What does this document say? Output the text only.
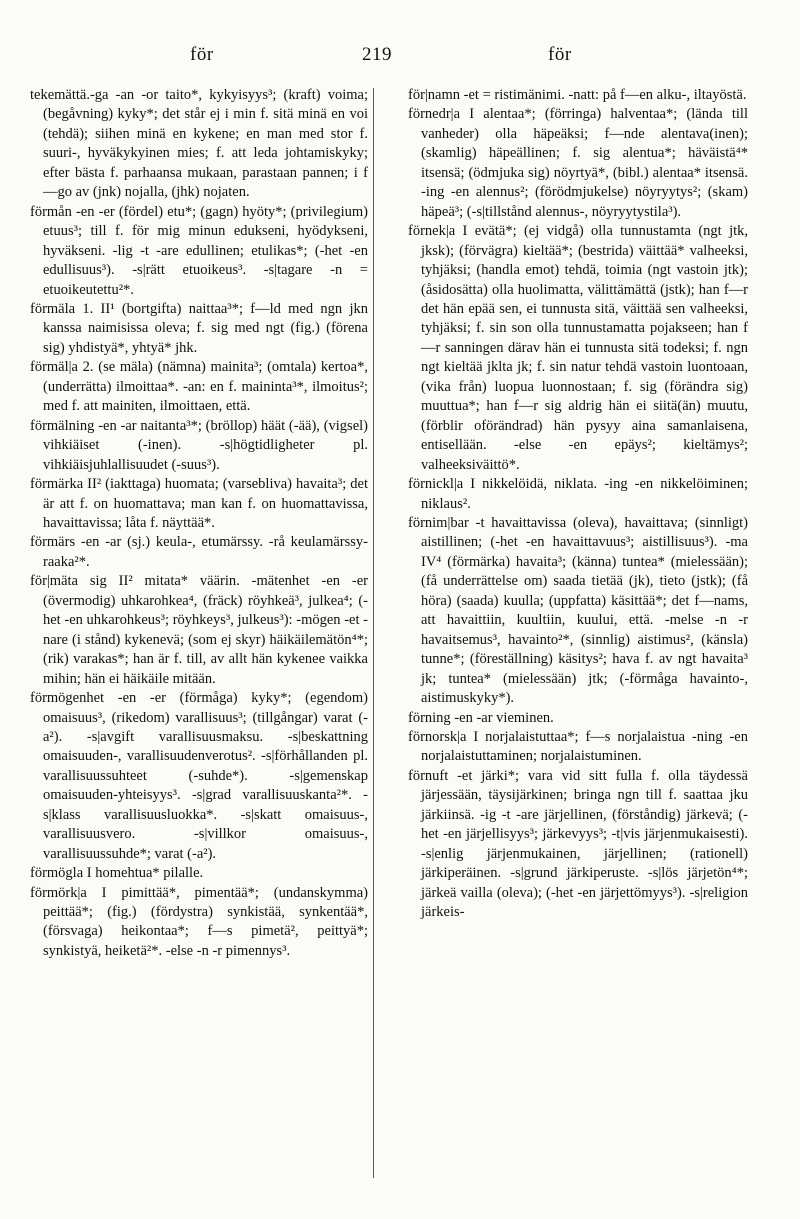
för	219	för

tekemättä.-ga -an -or taito*, kykyisyys³; (kraft) voima; (begåvning) kyky*; det står ej i min f. sitä minä en voi (tehdä); siihen minä en kykene; en man med stor f. suuri-, hyväkykyinen mies; f. att leda johtamiskyky; efter bästa f. parhaansa mukaan, parastaan pannen; i f—go av (jnk) nojalla, (jhk) nojaten.

förmån -en -er (fördel) etu*; (gagn) hyöty*; (privilegium) etuus³; till f. för mig minun edukseni, hyödykseni, hyväkseni. -lig -t -are edullinen; etulikas*; (-het -en edullisuus³). -s|rätt etuoikeus³. -s|tagare -n = etuoikeutettu²*.

förmäla 1. II¹ (bortgifta) naittaa³*; f—ld med ngn jkn kanssa naimisissa oleva; f. sig med ngt (fig.) (förena sig) yhdistyä*, yhtyä* jhk.

förmäl|a 2. (se mäla) (nämna) mainita³; (omtala) kertoa*, (underrätta) ilmoittaa*. -an: en f. maininta³*, ilmoitus²; med f. att mainiten, ilmoittaen, että.

förmälning -en -ar naitanta³*; (bröllop) häät (-ää), (vigsel) vihkiäiset (-inen). -s|högtidligheter pl. vihkiäisjuhlallisuudet (-suus³).

förmärka II² (iakttaga) huomata; (varsebliva) havaita³; det är att f. on huomattava; man kan f. on huomattavissa, havaittavissa; låta f. näyttää*.

förmärs -en -ar (sj.) keula-, etumärssy. -rå keulamärssy-raaka²*.

för|mäta sig II² mitata* väärin. -mätenhet -en -er (övermodig) uhkarohkea⁴, (fräck) röyhkeä³, julkea⁴; (-het -en uhkarohkeus³; röyhkeys³, julkeus³): -mögen -et -nare (i stånd) kykenevä; (som ej skyr) häikäilemätön⁴*; (rik) varakas*; han är f. till, av allt hän kykenee vaikka mihin; hän ei häikäile mitään.

förmögenhet -en -er (förmåga) kyky*; (egendom) omaisuus³, (rikedom) varallisuus³; (tillgångar) varat (-a²). -s|avgift varallisuusmaksu. -s|beskattning omaisuuden-, varallisuudenverotus². -s|förhållanden pl. varallisuussuhteet (-suhde*). -s|gemenskap omaisuuden-yhteisyys³. -s|grad varallisuuskanta²*. -s|klass varallisuusluokka*. -s|skatt omaisuus-, varallisuusvero. -s|villkor omaisuus-, varallisuussuhde*; varat (-a²).

förmögla I homehtua* pilalle.

förmörk|a I pimittää*, pimentää*; (undanskymma) peittää*; (fig.) (fördystra) synkistää, synkentää*, (försvaga) heikontaa*; f—s pimetä², peittyä*; synkistyä, heiketä²*. -else -n -r pimennys³.

för|namn -et = ristimänimi. -natt: på f—en alku-, iltayöstä.

förnedr|a I alentaa*; (förringa) halventaa*; (lända till vanheder) olla häpeäksi; f—nde alentava(inen); (skamlig) häpeällinen; f. sig alentua*; häväistä⁴* itsensä; (ödmjuka sig) nöyrtyä*, (bibl.) alentaa* itsensä. -ing -en alennus²; (förödmjukelse) nöyryytys²; (skam) häpeä³; (-s|tillstånd alennus-, nöyryytystila³).

förnek|a I evätä*; (ej vidgå) olla tunnustamta (ngt jtk, jksk); (förvägra) kieltää*; (bestrida) väittää* valheeksi, tyhjäksi; (handla emot) tehdä, toimia (ngt vastoin jtk); (åsidosätta) olla huolimatta, välittämättä (jstk); han f—r det hän epää sen, ei tunnusta sitä, väittää sen valheeksi, tyhjäksi; f. sin son olla tunnustamatta pojakseen; han f—r sanningen därav hän ei tunnusta sitä todeksi; f. ngn ngt kieltää jklta jk; f. sin natur tehdä vastoin luontoaan, (vika från) luopua luonnostaan; f. sig (förändra sig) muuttua*; han f—r sig aldrig hän ei siitä(än) muutu, (förblir oförändrad) hän pysyy aina samanlaisena, entisellään. -else -en epäys²; kieltämys²; valheeksiväittö*.

förnickl|a I nikkelöidä, niklata. -ing -en nikkelöiminen; niklaus².

förnim|bar -t havaittavissa (oleva), havaittava; (sinnligt) aistillinen; (-het -en havaittavuus³; aistillisuus³). -ma IV⁴ (förmärka) havaita³; (känna) tuntea* (mielessään); (få underrättelse om) saada tietää (jk), tieto (jstk); (få höra) (saada) kuulla; (uppfatta) käsittää*; det f—nams, att havaittiin, kuultiin, kuului, että. -melse -n -r havaitsemus³, havainto²*, (sinnlig) aistimus², (känsla) tunne*; (föreställning) käsitys²; hava f. av ngt havaita³ jk; tuntea* (mielessään) jtk; (-förmåga havainto-, aistimuskyky*).

förning -en -ar vieminen.

förnorsk|a I norjalaistuttaa*; f—s norjalaistua -ning -en norjalaistuttaminen; norjalaistuminen.

förnuft -et järki*; vara vid sitt fulla f. olla täydessä järjessään, täysijärkinen; bringa ngn till f. saattaa jku järkiinsä. -ig -t -are järjellinen, (förståndig) järkevä; (-het -en järjellisyys³; järkevyys³; -t|vis järjenmukaisesti). -s|enlig järjenmukainen, järjellinen; (rationell) järkiperäinen. -s|grund järkiperuste. -s|lös järjetön⁴*; järkeä vailla (oleva); (-het -en järjettömyys³). -s|religion järkeis-
